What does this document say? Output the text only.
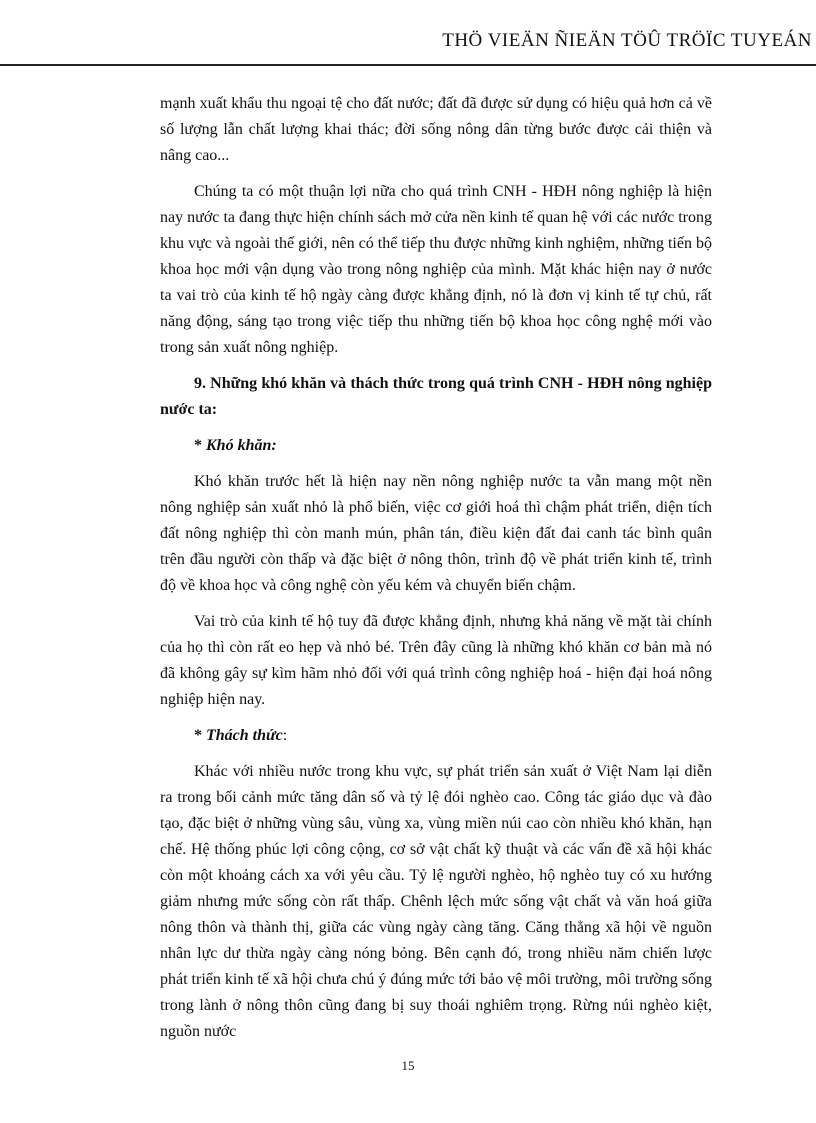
THÖ VIEÄN ÑIEÄN TÖÛ TRÖÏC TUYEÁN

mạnh xuất khẩu thu ngoại tệ cho đất nước; đất đã được sử dụng có hiệu quả hơn cả về số lượng lẫn chất lượng khai thác; đời sống nông dân từng bước được cải thiện và nâng cao...

Chúng ta có một thuận lợi nữa cho quá trình CNH - HĐH nông nghiệp là hiện nay nước ta đang thực hiện chính sách mở cửa nền kinh tế quan hệ với các nước trong khu vực và ngoài thế giới, nên có thể tiếp thu được những kinh nghiệm, những tiến bộ khoa học mới vận dụng vào trong nông nghiệp của mình. Mặt khác hiện nay ở nước ta vai trò của kinh tế hộ ngày càng được khẳng định, nó là đơn vị kinh tế tự chủ, rất năng động, sáng tạo trong việc tiếp thu những tiến bộ khoa học công nghệ mới vào trong sản xuất nông nghiệp.

9. Những khó khăn và thách thức trong quá trình CNH - HĐH nông nghiệp nước ta:

* Khó khăn:

Khó khăn trước hết là hiện nay nền nông nghiệp nước ta vẫn mang một nền nông nghiệp sản xuất nhỏ là phổ biến, việc cơ giới hoá thì chậm phát triển, diện tích đất nông nghiệp thì còn manh mún, phân tán, điều kiện đất đai canh tác bình quân trên đầu người còn thấp và đặc biệt ở nông thôn, trình độ về phát triển kinh tế, trình độ về khoa học và công nghệ còn yếu kém và chuyển biến chậm.

Vai trò của kinh tế hộ tuy đã được khẳng định, nhưng khả năng về mặt tài chính của họ thì còn rất eo hẹp và nhỏ bé. Trên đây cũng là những khó khăn cơ bản mà nó đã không gây sự kìm hãm nhỏ đối với quá trình công nghiệp hoá - hiện đại hoá nông nghiệp hiện nay.

* Thách thức:

Khác với nhiều nước trong khu vực, sự phát triển sản xuất ở Việt Nam lại diễn ra trong bối cảnh mức tăng dân số và tỷ lệ đói nghèo cao. Công tác giáo dục và đào tạo, đặc biệt ở những vùng sâu, vùng xa, vùng miền núi cao còn nhiều khó khăn, hạn chế. Hệ thống phúc lợi công cộng, cơ sở vật chất kỹ thuật và các vấn đề xã hội khác còn một khoảng cách xa với yêu cầu. Tỷ lệ người nghèo, hộ nghèo tuy có xu hướng giảm nhưng mức sống còn rất thấp. Chênh lệch mức sống vật chất và văn hoá giữa nông thôn và thành thị, giữa các vùng ngày càng tăng. Căng thẳng xã hội về nguồn nhân lực dư thừa ngày càng nóng bỏng. Bên cạnh đó, trong nhiều năm chiến lược phát triển kinh tế xã hội chưa chú ý đúng mức tới bảo vệ môi trường, môi trường sống trong lành ở nông thôn cũng đang bị suy thoái nghiêm trọng. Rừng núi nghèo kiệt, nguồn nước

15
